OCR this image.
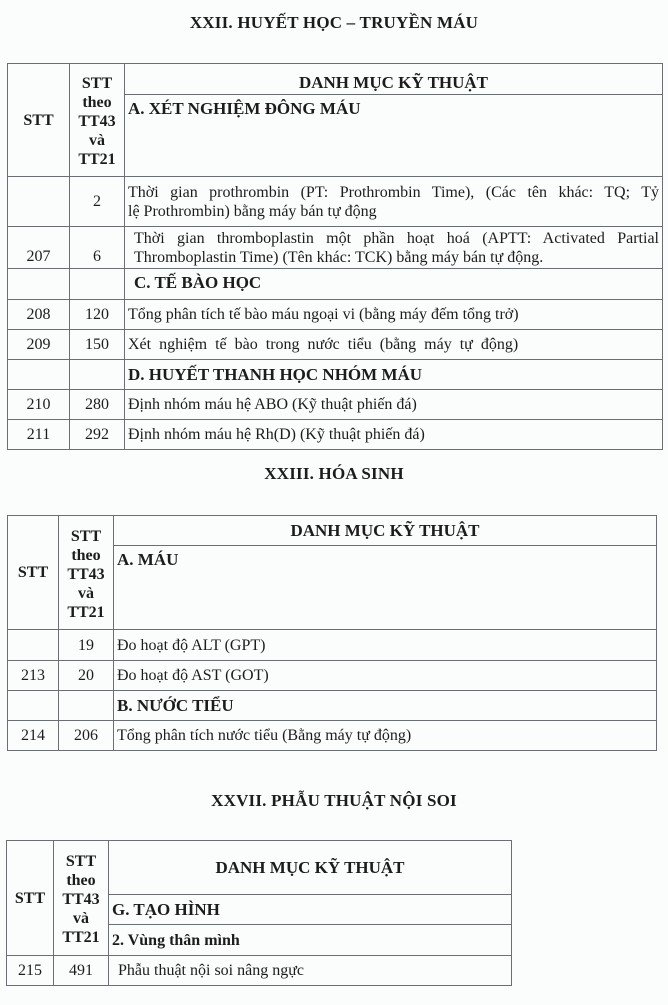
XXII. HUYẾT HỌC – TRUYỀN MÁU
STT	STT
theo
TT43
và
TT21	DANH MỤC KỸ THUẬT
		A. XÉT NGHIỆM ĐÔNG MÁU
	2	Thời gian prothrombin (PT: Prothrombin Time), (Các tên khác: TQ; Tỷ
lệ Prothrombin) bằng máy bán tự động

207	6	Thời gian thromboplastin một phần hoạt hoá (APTT: Activated Partial
Thromboplastin Time) (Tên khác: TCK) bằng máy bán tự động.

		C. TẾ BÀO HỌC
208	120	Tổng phân tích tế bào máu ngoại vi (bằng máy đếm tổng trở)
209	150	Xét nghiệm tế bào trong nước tiểu (bằng máy tự động)
		D. HUYẾT THANH HỌC NHÓM MÁU
210	280	Định nhóm máu hệ ABO (Kỹ thuật phiến đá)
211	292	Định nhóm máu hệ Rh(D) (Kỹ thuật phiến đá)
XXIII. HÓA SINH
STT	STT
theo
TT43
và
TT21	DANH MỤC KỸ THUẬT
		A. MÁU
	19	Đo hoạt độ ALT (GPT)
213	20	Đo hoạt độ AST (GOT)
		B. NƯỚC TIỂU
214	206	Tổng phân tích nước tiểu (Bằng máy tự động)
XXVII. PHẪU THUẬT NỘI SOI
STT	STT
theo
TT43
và
TT21	DANH MỤC KỸ THUẬT
		G. TẠO HÌNH
		2. Vùng thân mình
215	491	Phẫu thuật nội soi nâng ngực
